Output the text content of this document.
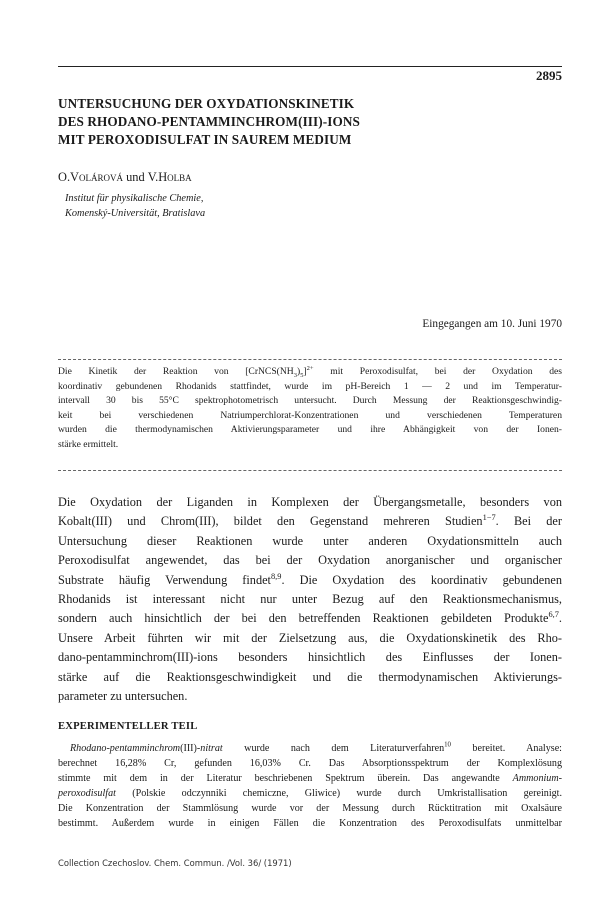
2895
UNTERSUCHUNG DER OXYDATIONSKINETIK
DES RHODANO-PENTAMMINCHROM(III)-IONS
MIT PEROXODISULFAT IN SAUREM MEDIUM
O.Volárová und V.Holba
Institut für physikalische Chemie,
Komenský-Universität, Bratislava
Eingegangen am 10. Juni 1970
Die Kinetik der Reaktion von $[CrNCS(NH_3)_5]^{2+}$ mit Peroxodisulfat, bei der Oxydation des
koordinativ gebundenen Rhodanids stattfindet, wurde im pH-Bereich 1 — 2 und im Temperatur-
intervall 30 bis 55°C spektrophotometrisch untersucht. Durch Messung der Reaktionsgeschwindig-
keit bei verschiedenen Natriumperchlorat-Konzentrationen und verschiedenen Temperaturen
wurden die thermodynamischen Aktivierungsparameter und ihre Abhängigkeit von der Ionen-
stärke ermittelt.
Die Oxydation der Liganden in Komplexen der Übergangsmetalle, besonders von
Kobalt(III) und Chrom(III), bildet den Gegenstand mehreren Studien$^{1-7}$. Bei der
Untersuchung dieser Reaktionen wurde unter anderen Oxydationsmitteln auch
Peroxodisulfat angewendet, das bei der Oxydation anorganischer und organischer
Substrate häufig Verwendung findet$^{8,9}$. Die Oxydation des koordinativ gebundenen
Rhodanids ist interessant nicht nur unter Bezug auf den Reaktionsmechanismus,
sondern auch hinsichtlich der bei den betreffenden Reaktionen gebildeten Produkte$^{6,7}$.
Unsere Arbeit führten wir mit der Zielsetzung aus, die Oxydationskinetik des Rho-
dano-pentamminchrom(III)-ions besonders hinsichtlich des Einflusses der Ionen-
stärke auf die Reaktionsgeschwindigkeit und die thermodynamischen Aktivierungs-
parameter zu untersuchen.
EXPERIMENTELLER TEIL
Rhodano-pentamminchrom(III)-nitrat wurde nach dem Literaturverfahren$^{10}$ bereitet. Analyse:
berechnet 16,28% Cr, gefunden 16,03% Cr. Das Absorptionsspektrum der Komplexlösung
stimmte mit dem in der Literatur beschriebenen Spektrum überein. Das angewandte Ammonium-
peroxodisulfat (Polskie odczynniki chemiczne, Gliwice) wurde durch Umkristallisation gereinigt.
Die Konzentration der Stammlösung wurde vor der Messung durch Rücktitration mit Oxalsäure
bestimmt. Außerdem wurde in einigen Fällen die Konzentration des Peroxodisulfats unmittelbar
Collection Czechoslov. Chem. Commun. /Vol. 36/ (1971)
